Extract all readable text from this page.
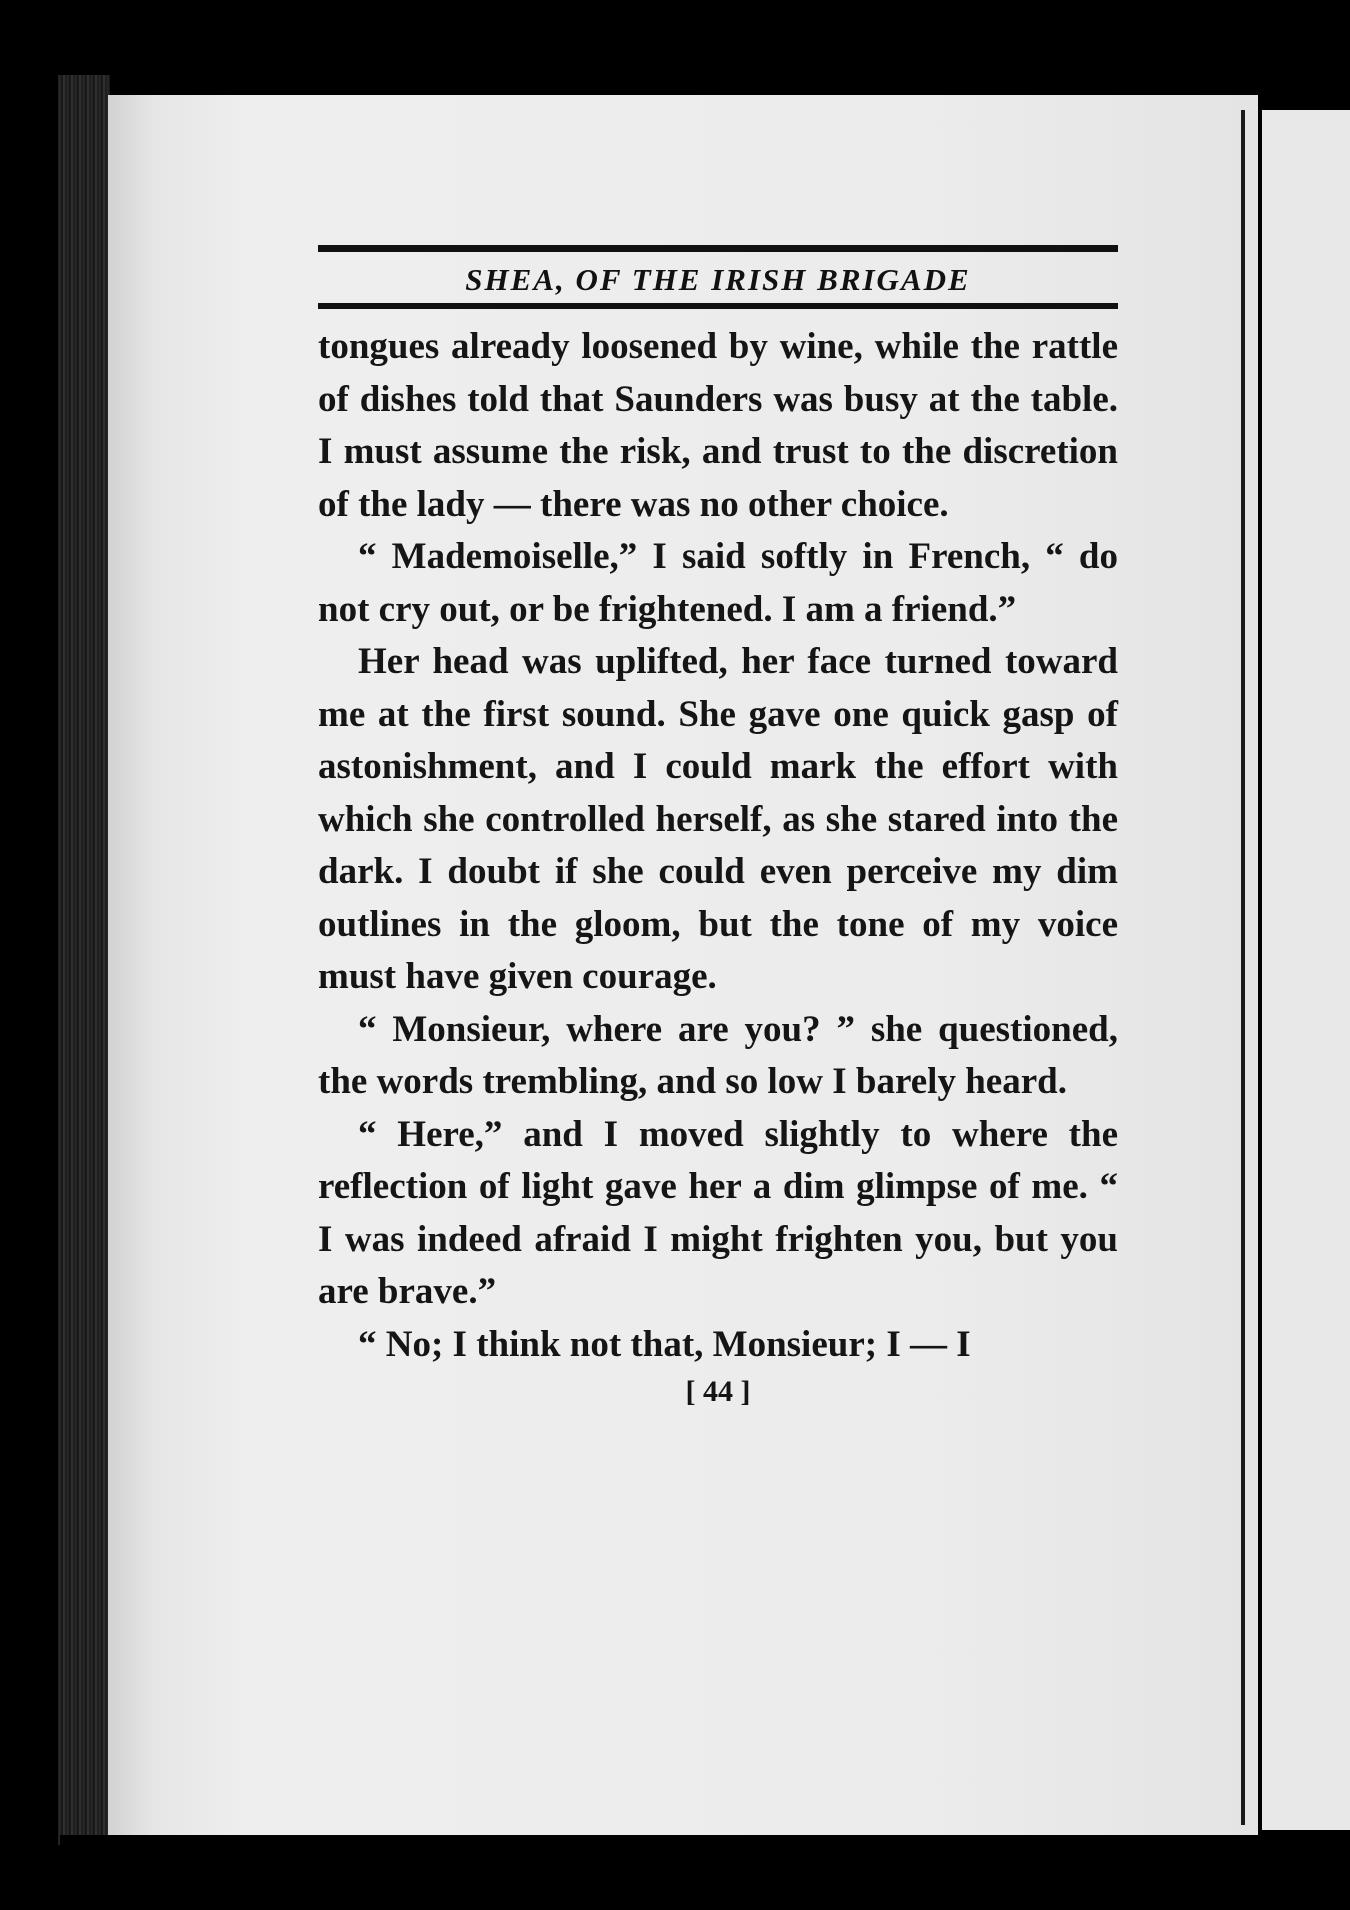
SHEA, OF THE IRISH BRIGADE

tongues already loosened by wine, while the rattle of dishes told that Saunders was busy at the table. I must assume the risk, and trust to the discretion of the lady — there was no other choice.

“ Mademoiselle,” I said softly in French, “ do not cry out, or be frightened. I am a friend.”

Her head was uplifted, her face turned toward me at the first sound. She gave one quick gasp of astonishment, and I could mark the effort with which she controlled herself, as she stared into the dark. I doubt if she could even perceive my dim outlines in the gloom, but the tone of my voice must have given courage.

“ Monsieur, where are you? ” she questioned, the words trembling, and so low I barely heard.

“ Here,” and I moved slightly to where the reflection of light gave her a dim glimpse of me. “ I was indeed afraid I might frighten you, but you are brave.”

“ No; I think not that, Monsieur; I — I

[ 44 ]
